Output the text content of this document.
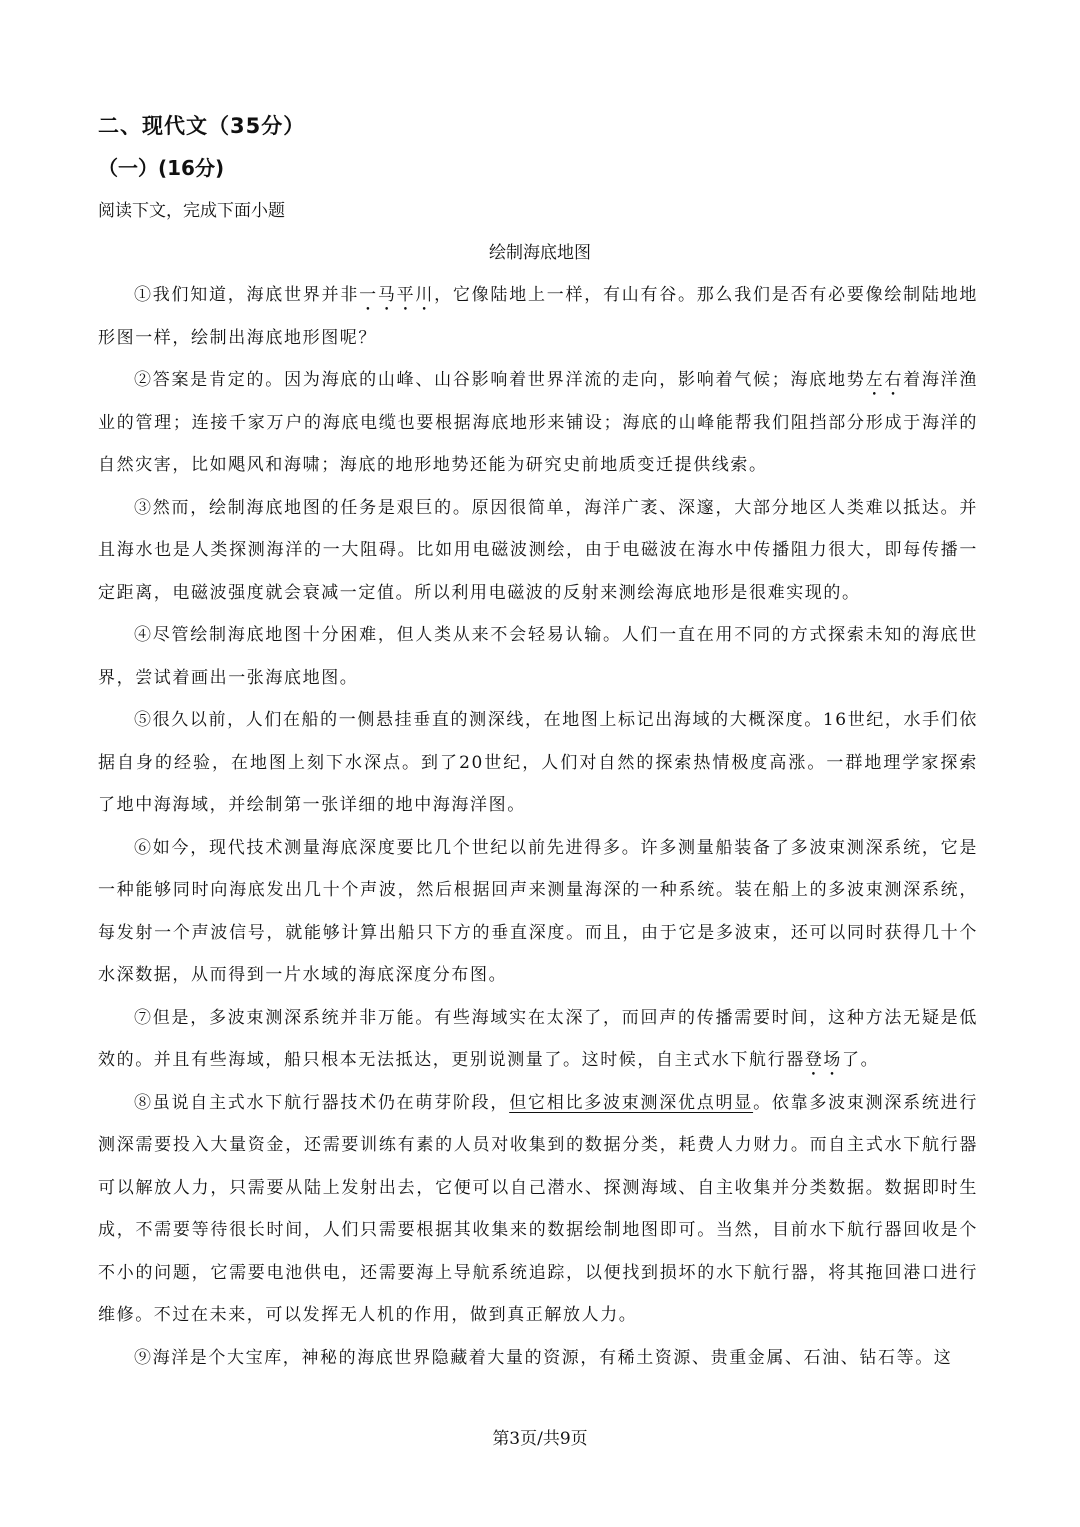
二、现代文（35分）
（一）(16分)
阅读下文，完成下面小题
绘制海底地图

①我们知道，海底世界并非一马平川，它像陆地上一样，有山有谷。那么我们是否有必要像绘制陆地地形图一样，绘制出海底地形图呢？

②答案是肯定的。因为海底的山峰、山谷影响着世界洋流的走向，影响着气候；海底地势左右着海洋渔业的管理；连接千家万户的海底电缆也要根据海底地形来铺设；海底的山峰能帮我们阻挡部分形成于海洋的自然灾害，比如飓风和海啸；海底的地形地势还能为研究史前地质变迁提供线索。

③然而，绘制海底地图的任务是艰巨的。原因很简单，海洋广袤、深邃，大部分地区人类难以抵达。并且海水也是人类探测海洋的一大阻碍。比如用电磁波测绘，由于电磁波在海水中传播阻力很大，即每传播一定距离，电磁波强度就会衰减一定值。所以利用电磁波的反射来测绘海底地形是很难实现的。

④尽管绘制海底地图十分困难，但人类从来不会轻易认输。人们一直在用不同的方式探索未知的海底世界，尝试着画出一张海底地图。

⑤很久以前，人们在船的一侧悬挂垂直的测深线，在地图上标记出海域的大概深度。16世纪，水手们依据自身的经验，在地图上刻下水深点。到了20世纪，人们对自然的探索热情极度高涨。一群地理学家探索了地中海海域，并绘制第一张详细的地中海海洋图。

⑥如今，现代技术测量海底深度要比几个世纪以前先进得多。许多测量船装备了多波束测深系统，它是一种能够同时向海底发出几十个声波，然后根据回声来测量海深的一种系统。装在船上的多波束测深系统，每发射一个声波信号，就能够计算出船只下方的垂直深度。而且，由于它是多波束，还可以同时获得几十个水深数据，从而得到一片水域的海底深度分布图。

⑦但是，多波束测深系统并非万能。有些海域实在太深了，而回声的传播需要时间，这种方法无疑是低效的。并且有些海域，船只根本无法抵达，更别说测量了。这时候，自主式水下航行器登场了。

⑧虽说自主式水下航行器技术仍在萌芽阶段，但它相比多波束测深优点明显。依靠多波束测深系统进行测深需要投入大量资金，还需要训练有素的人员对收集到的数据分类，耗费人力财力。而自主式水下航行器可以解放人力，只需要从陆上发射出去，它便可以自己潜水、探测海域、自主收集并分类数据。数据即时生成，不需要等待很长时间，人们只需要根据其收集来的数据绘制地图即可。当然，目前水下航行器回收是个不小的问题，它需要电池供电，还需要海上导航系统追踪，以便找到损坏的水下航行器，将其拖回港口进行维修。不过在未来，可以发挥无人机的作用，做到真正解放人力。

⑨海洋是个大宝库，神秘的海底世界隐藏着大量的资源，有稀土资源、贵重金属、石油、钻石等。这

第3页/共9页
